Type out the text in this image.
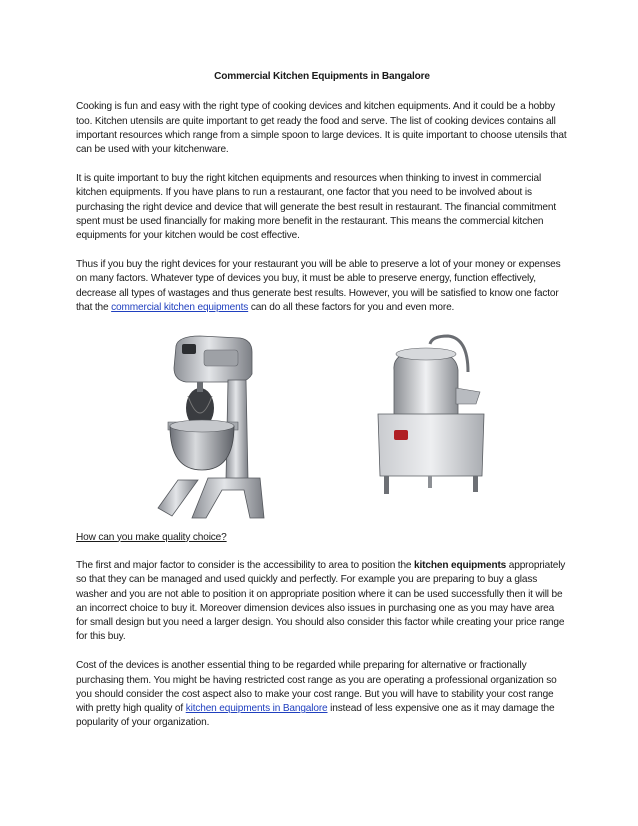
Commercial Kitchen Equipments in Bangalore

Cooking is fun and easy with the right type of cooking devices and kitchen equipments. And it could be a hobby too. Kitchen utensils are quite important to get ready the food and serve. The list of cooking devices contains all important resources which range from a simple spoon to large devices. It is quite important to choose utensils that can be used with your kitchenware.

It is quite important to buy the right kitchen equipments and resources when thinking to invest in commercial kitchen equipments. If you have plans to run a restaurant, one factor that you need to be involved about is purchasing the right device and device that will generate the best result in restaurant. The financial commitment spent must be used financially for making more benefit in the restaurant. This means the commercial kitchen equipments for your kitchen would be cost effective.

Thus if you buy the right devices for your restaurant you will be able to preserve a lot of your money or expenses on many factors. Whatever type of devices you buy, it must be able to preserve energy, function effectively, decrease all types of wastages and thus generate best results. However, you will be satisfied to know one factor that the commercial kitchen equipments can do all these factors for you and even more.

How can you make quality choice?

The first and major factor to consider is the accessibility to area to position the kitchen equipments appropriately so that they can be managed and used quickly and perfectly. For example you are preparing to buy a glass washer and you are not able to position it on appropriate position where it can be used successfully then it will be an incorrect choice to buy it. Moreover dimension devices also issues in purchasing one as you may have area for small design but you need a larger design. You should also consider this factor while creating your price range for this buy.

Cost of the devices is another essential thing to be regarded while preparing for alternative or fractionally purchasing them. You might be having restricted cost range as you are operating a professional organization so you should consider the cost aspect also to make your cost range. But you will have to stability your cost range with pretty high quality of kitchen equipments in Bangalore instead of less expensive one as it may damage the popularity of your organization.
